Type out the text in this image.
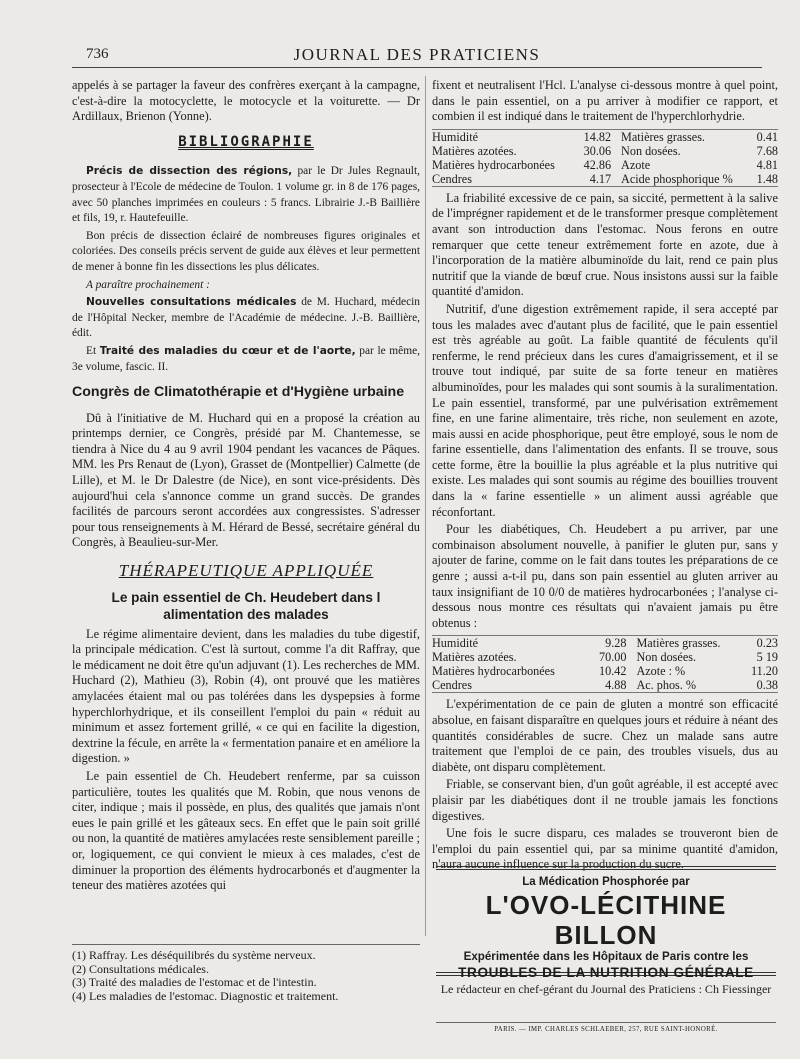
736	JOURNAL DES PRATICIENS

appelés à se partager la faveur des confrères exerçant à la campagne, c'est-à-dire la motocyclette, le motocycle et la voiturette. — Dr Ardillaux, Brienon (Yonne).

BIBLIOGRAPHIE

Précis de dissection des régions, par le Dr Jules Regnault, prosecteur à l'Ecole de médecine de Toulon. 1 volume gr. in 8 de 176 pages, avec 50 planches imprimées en couleurs : 5 francs. Librairie J.-B Baillière et fils, 19, r. Hautefeuille.

Bon précis de dissection éclairé de nombreuses figures originales et coloriées. Des conseils précis servent de guide aux élèves et leur permettent de mener à bonne fin les dissections les plus délicates.

A paraître prochainement :

Nouvelles consultations médicales de M. Huchard, médecin de l'Hôpital Necker, membre de l'Académie de médecine. J.-B. Baillière, édit.

Et Traité des maladies du cœur et de l'aorte, par le même, 3e volume, fascic. II.

Congrès de Climatothérapie et d'Hygiène urbaine

Dû à l'initiative de M. Huchard qui en a proposé la création au printemps dernier, ce Congrès, présidé par M. Chantemesse, se tiendra à Nice du 4 au 9 avril 1904 pendant les vacances de Pâques. MM. les Prs Renaut de (Lyon), Grasset de (Montpellier) Calmette (de Lille), et M. le Dr Dalestre (de Nice), en sont vice-présidents. Dès aujourd'hui cela s'annonce comme un grand succès. De grandes facilités de parcours seront accordées aux congressistes. S'adresser pour tous renseignements à M. Hérard de Bessé, secrétaire général du Congrès, à Beaulieu-sur-Mer.

THÉRAPEUTIQUE APPLIQUÉE
Le pain essentiel de Ch. Heudebert dans l alimentation des malades

Le régime alimentaire devient, dans les maladies du tube digestif, la principale médication. C'est là surtout, comme l'a dit Raffray, que le médicament ne doit être qu'un adjuvant (1). Les recherches de MM. Huchard (2), Mathieu (3), Robin (4), ont prouvé que les matières amylacées étaient mal ou pas tolérées dans les dyspepsies à forme hyperchlorhydrique, et ils conseillent l'emploi du pain « réduit au minimum et assez fortement grillé, « ce qui en facilite la digestion, dextrine la fécule, en arrête la « fermentation panaire et en améliore la digestion. »

Le pain essentiel de Ch. Heudebert renferme, par sa cuisson particulière, toutes les qualités que M. Robin, que nous venons de citer, indique ; mais il possède, en plus, des qualités que jamais n'ont eues le pain grillé et les gâteaux secs. En effet que le pain soit grillé ou non, la quantité de matières amylacées reste sensiblement pareille ; or, logiquement, ce qui convient le mieux à ces malades, c'est de diminuer la proportion des éléments hydrocarbonés et d'augmenter la teneur des matières azotées qui

(1) Raffray. Les déséquilibrés du système nerveux.
(2) Consultations médicales.
(3) Traité des maladies de l'estomac et de l'intestin.
(4) Les maladies de l'estomac. Diagnostic et traitement.

fixent et neutralisent l'Hcl. L'analyse ci-dessous montre à quel point, dans le pain essentiel, on a pu arriver à modifier ce rapport, et combien il est indiqué dans le traitement de l'hyperchlorhydrie.

Humidité	14.82	Matières grasses.	0.41
Matières azotées.	30.06	Non dosées.	7.68
Matières hydrocarbonées	42.86	Azote	4.81
Cendres	4.17	Acide phosphorique %	1.48

La friabilité excessive de ce pain, sa siccité, permettent à la salive de l'imprégner rapidement et de le transformer presque complètement avant son introduction dans l'estomac. Nous ferons en outre remarquer que cette teneur extrêmement forte en azote, due à l'incorporation de la matière albuminoïde du lait, rend ce pain plus nutritif que la viande de bœuf crue. Nous insistons aussi sur la faible quantité d'amidon.

Nutritif, d'une digestion extrêmement rapide, il sera accepté par tous les malades avec d'autant plus de facilité, que le pain essentiel est très agréable au goût. La faible quantité de féculents qu'il renferme, le rend précieux dans les cures d'amaigrissement, et il se trouve tout indiqué, par suite de sa forte teneur en matières albuminoïdes, pour les malades qui sont soumis à la suralimentation. Le pain essentiel, transformé, par une pulvérisation extrêmement fine, en une farine alimentaire, très riche, non seulement en azote, mais aussi en acide phosphorique, peut être employé, sous le nom de farine essentielle, dans l'alimentation des enfants. Il se trouve, sous cette forme, être la bouillie la plus agréable et la plus nutritive qui existe. Les malades qui sont soumis au régime des bouillies trouvent dans la « farine essentielle » un aliment aussi agréable que réconfortant.

Pour les diabétiques, Ch. Heudebert a pu arriver, par une combinaison absolument nouvelle, à panifier le gluten pur, sans y ajouter de farine, comme on le fait dans toutes les préparations de ce genre ; aussi a-t-il pu, dans son pain essentiel au gluten arriver au taux insignifiant de 10 0/0 de matières hydrocarbonées ; l'analyse ci-dessous nous montre ces résultats qui n'avaient jamais pu être obtenus :

Humidité	9.28	Matières grasses.	0.23
Matières azotées.	70.00	Non dosées.	5 19
Matières hydrocarbonées	10.42	Azote : %	11.20
Cendres	4.88	Ac. phos. %	0.38

L'expérimentation de ce pain de gluten a montré son efficacité absolue, en faisant disparaître en quelques jours et réduire à néant des quantités considérables de sucre. Chez un malade sans autre traitement que l'emploi de ce pain, des troubles visuels, dus au diabète, ont disparu complètement.

Friable, se conservant bien, d'un goût agréable, il est accepté avec plaisir par les diabétiques dont il ne trouble jamais les fonctions digestives.

Une fois le sucre disparu, ces malades se trouveront bien de l'emploi du pain essentiel qui, par sa minime quantité d'amidon, n'aura aucune influence sur la production du sucre.

La Médication Phosphorée par
L'OVO-LÉCITHINE BILLON
Expérimentée dans les Hôpitaux de Paris contre les
TROUBLES DE LA NUTRITION GÉNÉRALE
Le rédacteur en chef-gérant du Journal des Praticiens : Ch Fiessinger
PARIS. — IMP. CHARLES SCHLAEBER, 257, RUE SAINT-HONORÉ.
